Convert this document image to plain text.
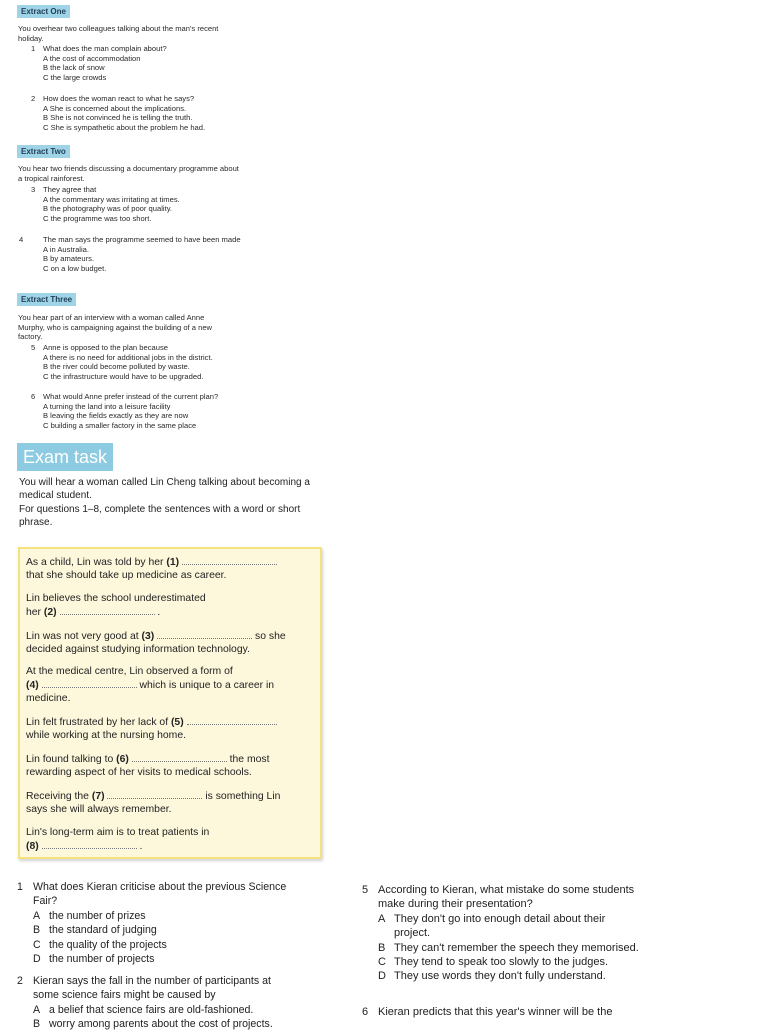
Extract One
You overhear two colleagues talking about the man's recent holiday.
1 What does the man complain about?
A the cost of accommodation
B the lack of snow
C the large crowds
2 How does the woman react to what he says?
A She is concerned about the implications.
B She is not convinced he is telling the truth.
C She is sympathetic about the problem he had.
Extract Two
You hear two friends discussing a documentary programme about a tropical rainforest.
3 They agree that
A the commentary was irritating at times.
B the photography was of poor quality.
C the programme was too short.
4	The man says the programme seemed to have been made
A in Australia.
B by amateurs.
C on a low budget.
Extract Three
You hear part of an interview with a woman called Anne Murphy, who is campaigning against the building of a new factory.
5 Anne is opposed to the plan because
A there is no need for additional jobs in the district.
B the river could become polluted by waste.
C the infrastructure would have to be upgraded.
6 What would Anne prefer instead of the current plan?
A turning the land into a leisure facility
B leaving the fields exactly as they are now
C building a smaller factory in the same place
Exam task
You will hear a woman called Lin Cheng talking about becoming a medical student.
For questions 1–8, complete the sentences with a word or short phrase.
As a child, Lin was told by her (1)
that she should take up medicine as career.
Lin believes the school underestimated
her (2)	.
Lin was not very good at (3)	so she
decided against studying information technology.
At the medical centre, Lin observed a form of
(4)	which is unique to a career in
medicine.
Lin felt frustrated by her lack of (5)
while working at the nursing home.
Lin found talking to (6)	the most
rewarding aspect of her visits to medical schools.
Receiving the (7)	is something Lin
says she will always remember.
Lin's long-term aim is to treat patients in
(8)	.
1 What does Kieran criticise about the previous Science
Fair?
A the number of prizes
B the standard of judging
C the quality of the projects
D the number of projects
2 Kieran says the fall in the number of participants at
some science fairs might be caused by
A a belief that science fairs are old-fashioned.
B worry among parents about the cost of projects.
5 According to Kieran, what mistake do some students
make during their presentation?
A They don't go into enough detail about their
project.
B They can't remember the speech they memorised.
C They tend to speak too slowly to the judges.
D They use words they don't fully understand.
6 Kieran predicts that this year's winner will be the
